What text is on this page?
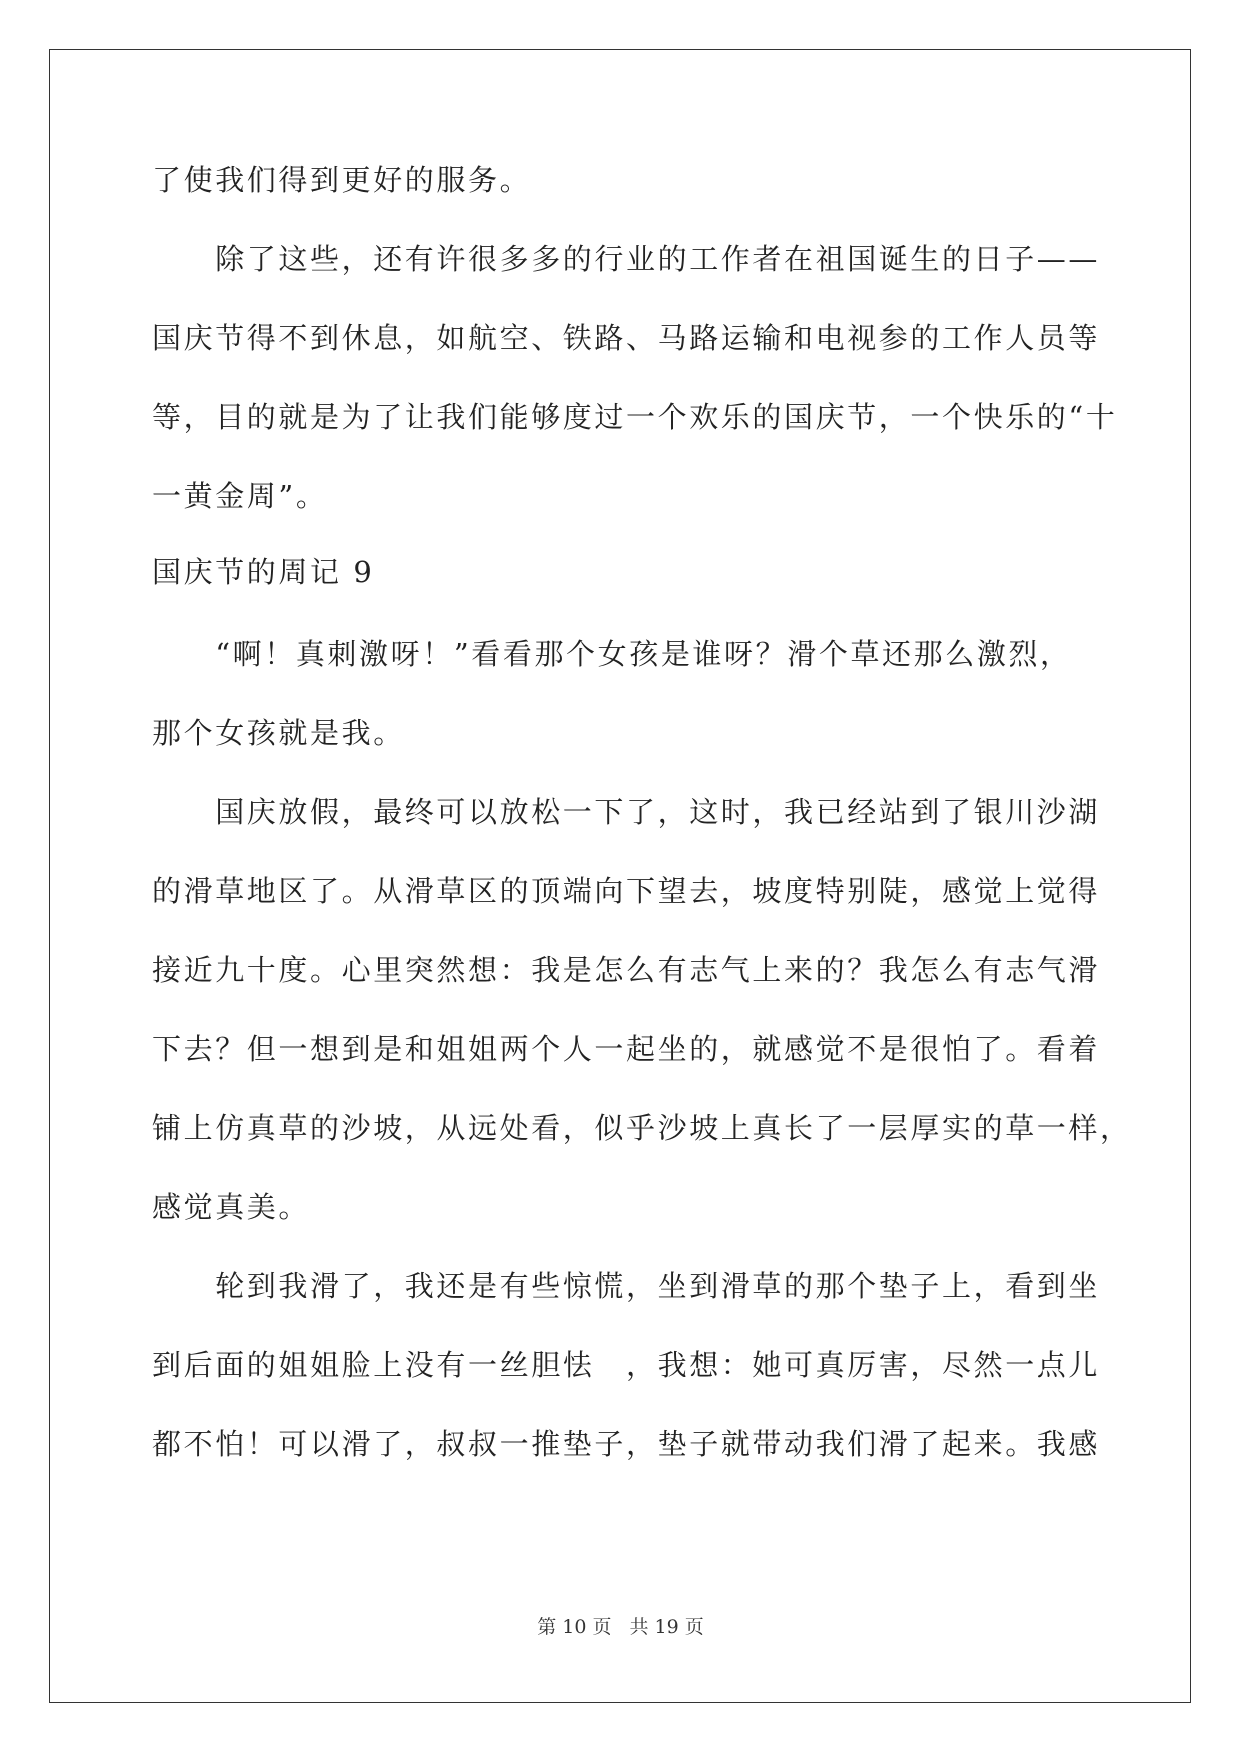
了使我们得到更好的服务。
　　除了这些，还有许很多多的行业的工作者在祖国诞生的日子——
国庆节得不到休息，如航空、铁路、马路运输和电视参的工作人员等
等，目的就是为了让我们能够度过一个欢乐的国庆节，一个快乐的“十
一黄金周”。
国庆节的周记 9
　　“啊！真刺激呀！”看看那个女孩是谁呀？滑个草还那么激烈，
那个女孩就是我。
　　国庆放假，最终可以放松一下了，这时，我已经站到了银川沙湖
的滑草地区了。从滑草区的顶端向下望去，坡度特别陡，感觉上觉得
接近九十度。心里突然想：我是怎么有志气上来的？我怎么有志气滑
下去？但一想到是和姐姐两个人一起坐的，就感觉不是很怕了。看着
铺上仿真草的沙坡，从远处看，似乎沙坡上真长了一层厚实的草一样，
感觉真美。
　　轮到我滑了，我还是有些惊慌，坐到滑草的那个垫子上，看到坐
到后面的姐姐脸上没有一丝胆怯　，我想：她可真厉害，尽然一点儿
都不怕！可以滑了，叔叔一推垫子，垫子就带动我们滑了起来。我感
第 10 页 共 19 页
